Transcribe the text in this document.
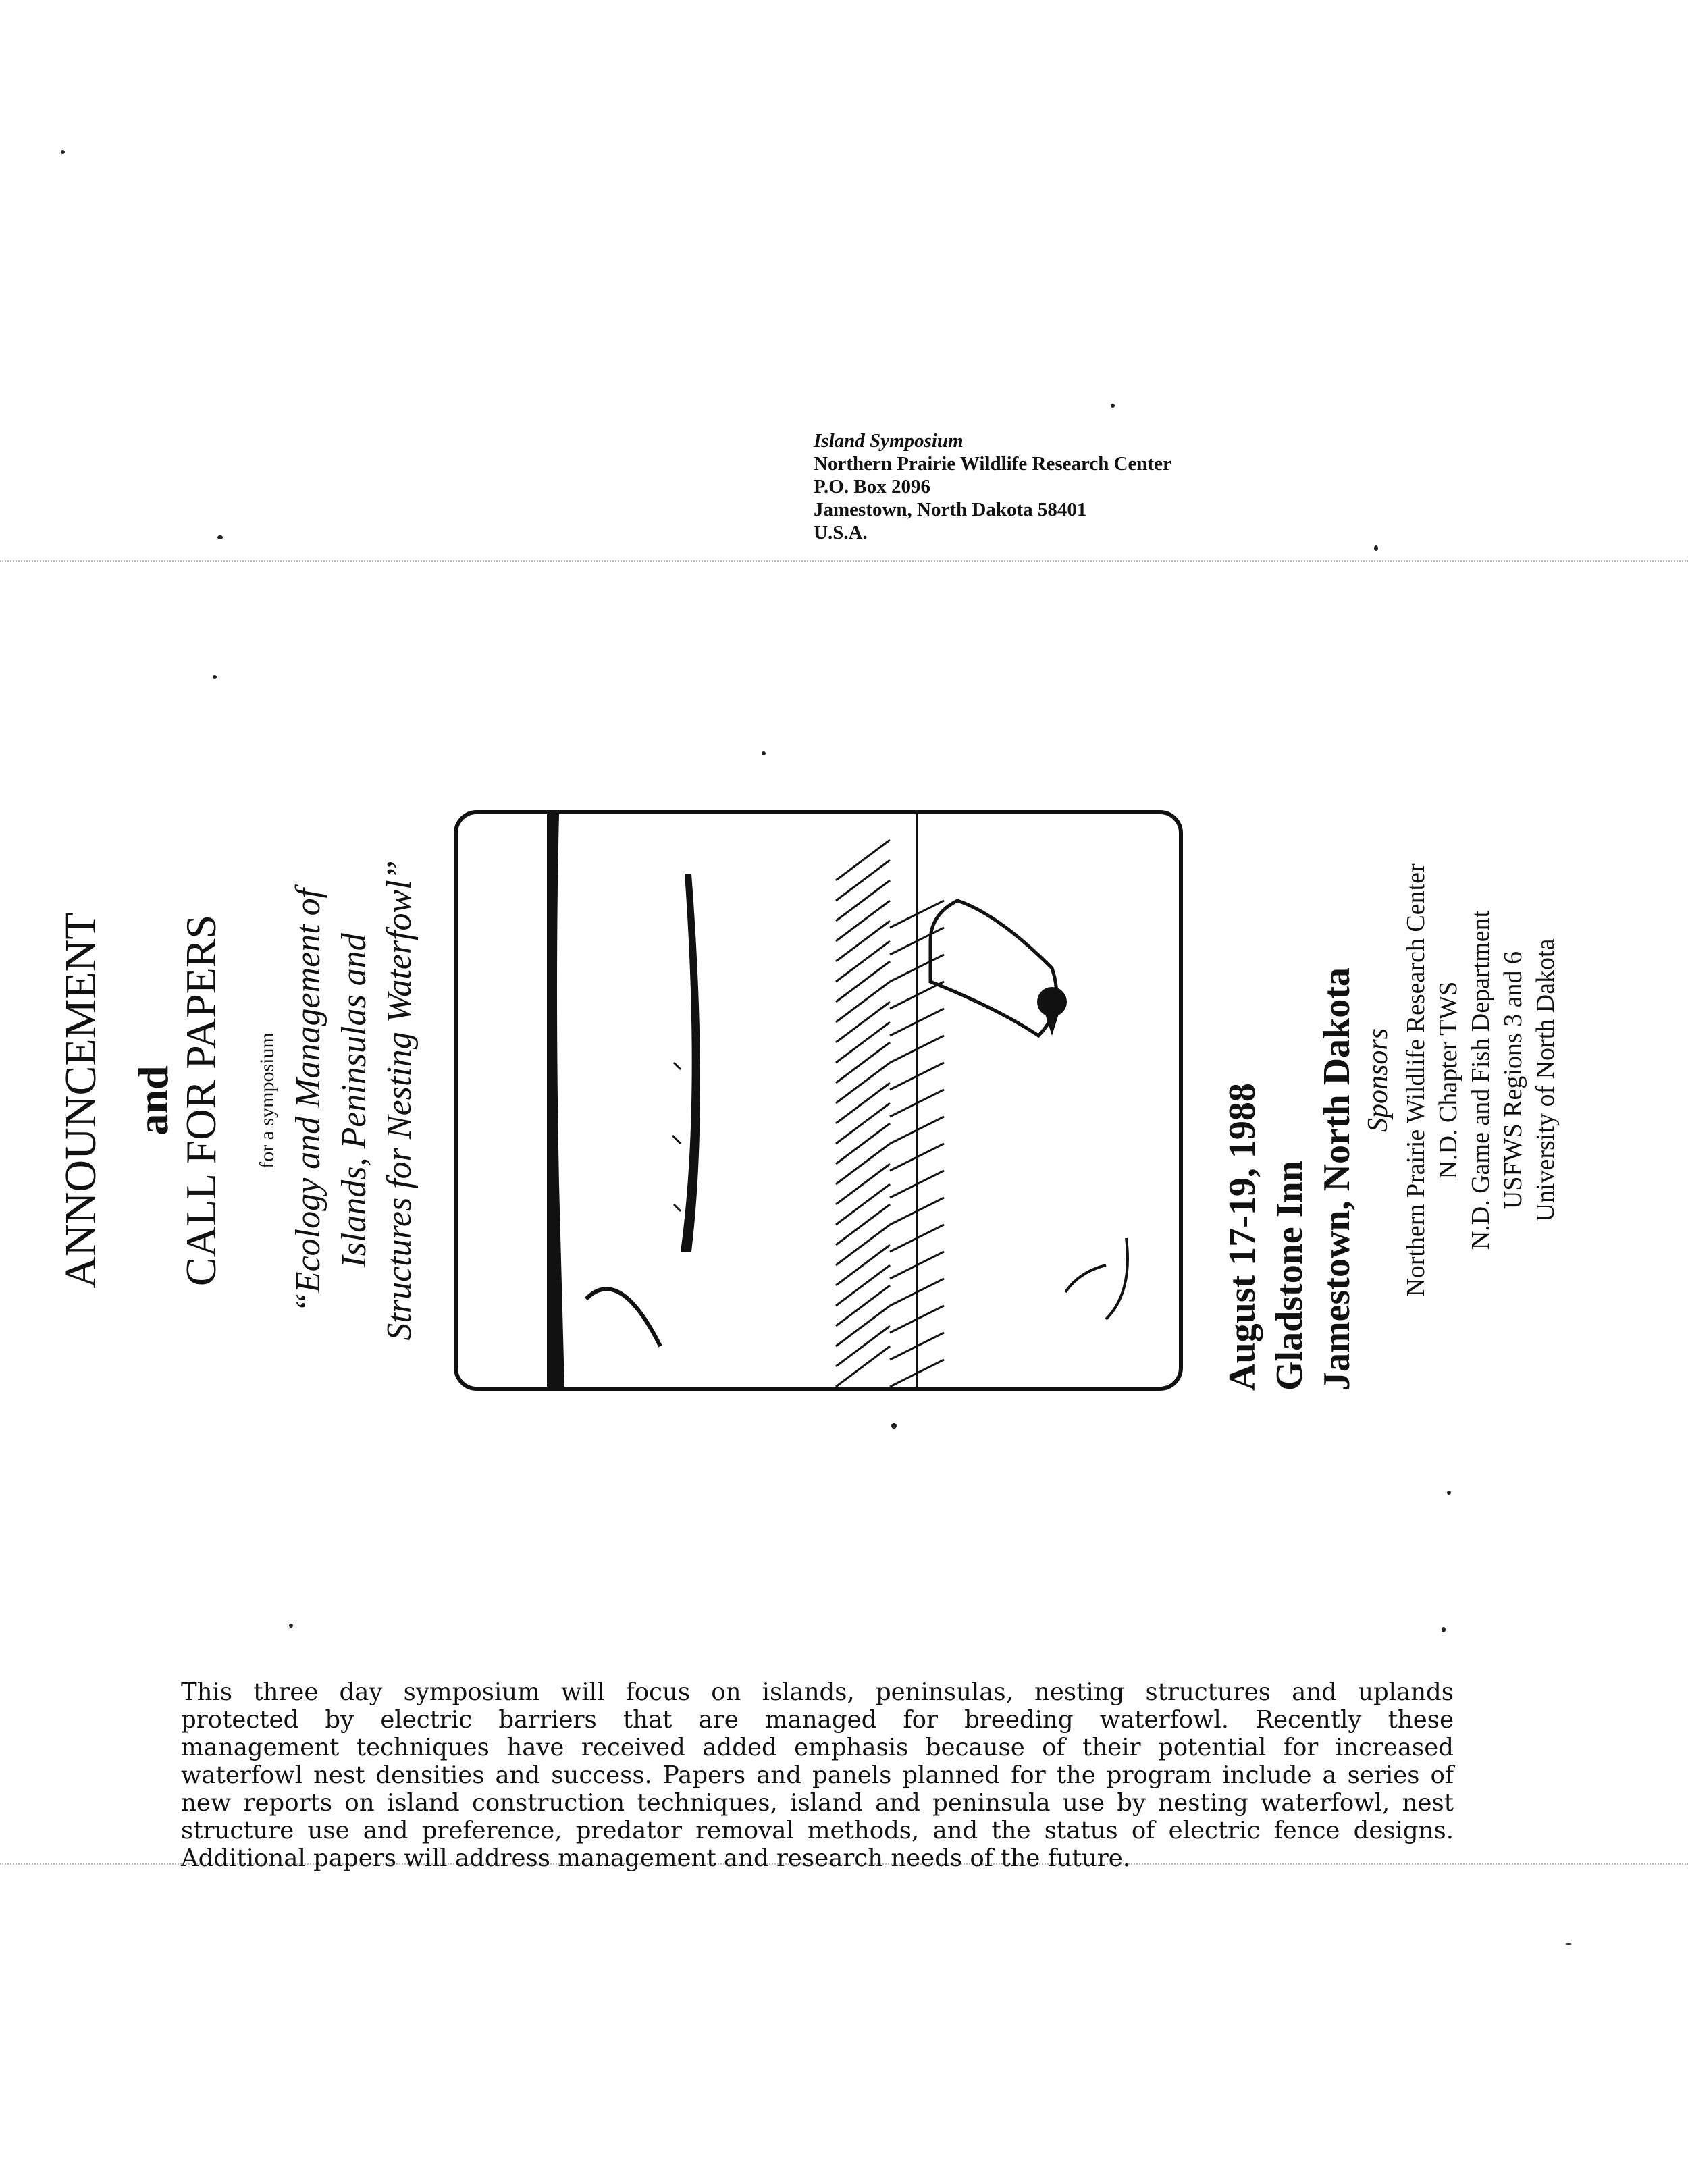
Island Symposium
Northern Prairie Wildlife Research Center
P.O. Box 2096
Jamestown, North Dakota 58401
U.S.A.
ANNOUNCEMENT and CALL FOR PAPERS for a symposium “Ecology and Management of Islands, Peninsulas and Structures for Nesting Waterfowl”	August 17-19, 1988 Gladstone Inn Jamestown, North Dakota Sponsors Northern Prairie Wildlife Research Center N.D. Chapter TWS N.D. Game and Fish Department USFWS Regions 3 and 6 University of North Dakota

This three day symposium will focus on islands, peninsulas, nesting structures and uplands
protected by electric barriers that are managed for breeding waterfowl. Recently these
management techniques have received added emphasis because of their potential for increased
waterfowl nest densities and success. Papers and panels planned for the program include a series of
new reports on island construction techniques, island and peninsula use by nesting waterfowl, nest
structure use and preference, predator removal methods, and the status of electric fence designs.
Additional papers will address management and research needs of the future.
